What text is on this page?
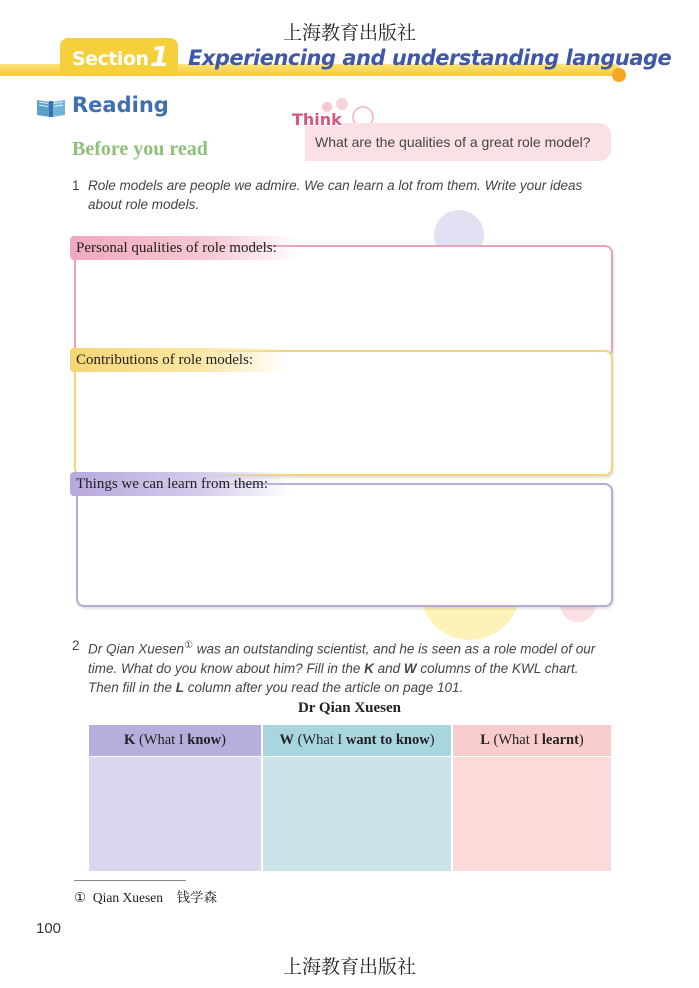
上海教育出版社
Section 1 Experiencing and understanding language
Reading
Before you read
Think
What are the qualities of a great role model?
1 Role models are people we admire. We can learn a lot from them. Write your ideas
about role models.
Personal qualities of role models:
Contributions of role models:
Things we can learn from them:
2 Dr Qian Xuesen① was an outstanding scientist, and he is seen as a role model of our
time. What do you know about him? Fill in the K and W columns of the KWL chart.
Then fill in the L column after you read the article on page 101.
Dr Qian Xuesen
K (What I know)	W (What I want to know)	L (What I learnt)
① Qian Xuesen　钱学森
100
上海教育出版社
